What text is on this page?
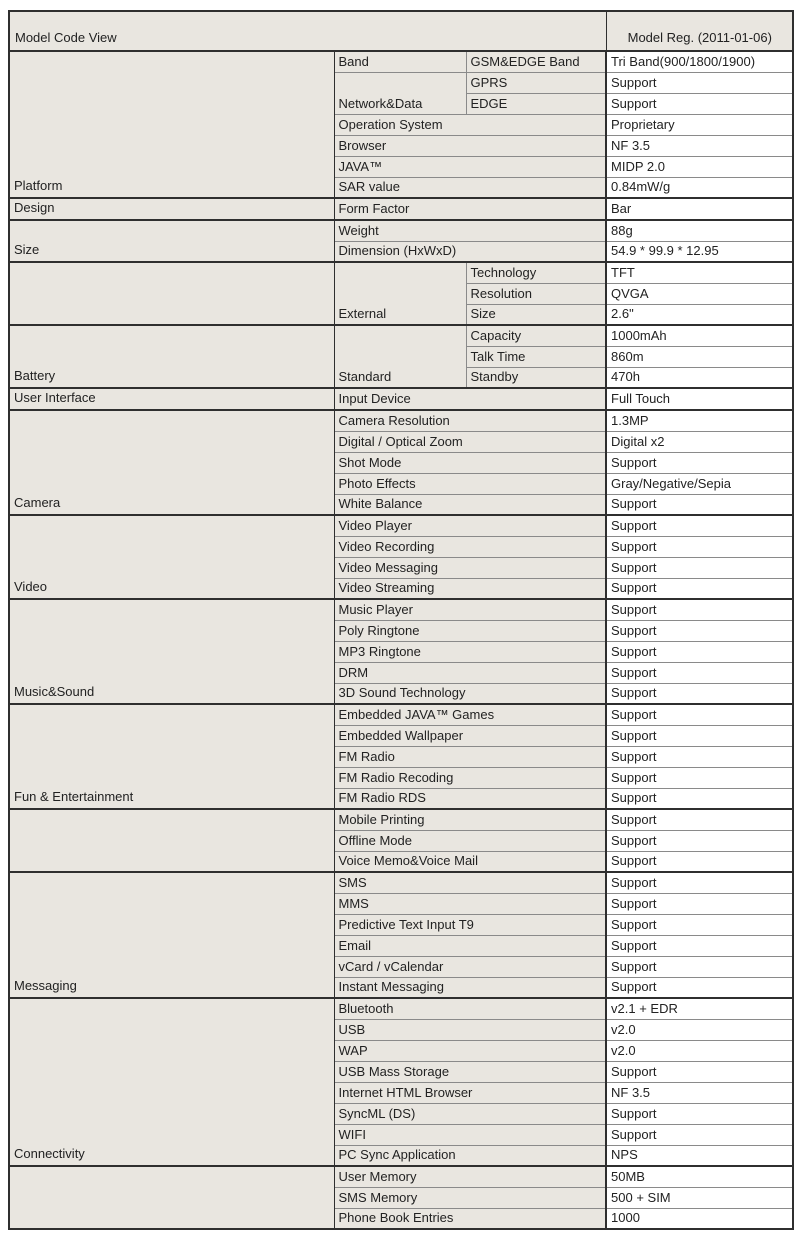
Model Code View			Model Reg. (2011-01-06)
Platform	Band	GSM&EDGE Band	Tri Band(900/1800/1900)
	Network&Data	GPRS	Support
		EDGE	Support
	Operation System		Proprietary
	Browser		NF 3.5
	JAVA™		MIDP 2.0
	SAR value		0.84mW/g
Design	Form Factor		Bar
Size	Weight		88g
	Dimension (HxWxD)		54.9 * 99.9 * 12.95
	External	Technology	TFT
		Resolution	QVGA
		Size	2.6"
Battery	Standard	Capacity	1000mAh
		Talk Time	860m
		Standby	470h
User Interface	Input Device		Full Touch
Camera	Camera Resolution		1.3MP
	Digital / Optical Zoom		Digital x2
	Shot Mode		Support
	Photo Effects		Gray/Negative/Sepia
	White Balance		Support
Video	Video Player		Support
	Video Recording		Support
	Video Messaging		Support
	Video Streaming		Support
Music&Sound	Music Player		Support
	Poly Ringtone		Support
	MP3 Ringtone		Support
	DRM		Support
	3D Sound Technology		Support
Fun & Entertainment	Embedded JAVA™ Games		Support
	Embedded Wallpaper		Support
	FM Radio		Support
	FM Radio Recoding		Support
	FM Radio RDS		Support
	Mobile Printing		Support
	Offline Mode		Support
	Voice Memo&Voice Mail		Support
Messaging	SMS		Support
	MMS		Support
	Predictive Text Input T9		Support
	Email		Support
	vCard / vCalendar		Support
	Instant Messaging		Support
Connectivity	Bluetooth		v2.1 + EDR
	USB		v2.0
	WAP		v2.0
	USB Mass Storage		Support
	Internet HTML Browser		NF 3.5
	SyncML (DS)		Support
	WIFI		Support
	PC Sync Application		NPS
	User Memory		50MB
	SMS Memory		500 + SIM
	Phone Book Entries		1000
